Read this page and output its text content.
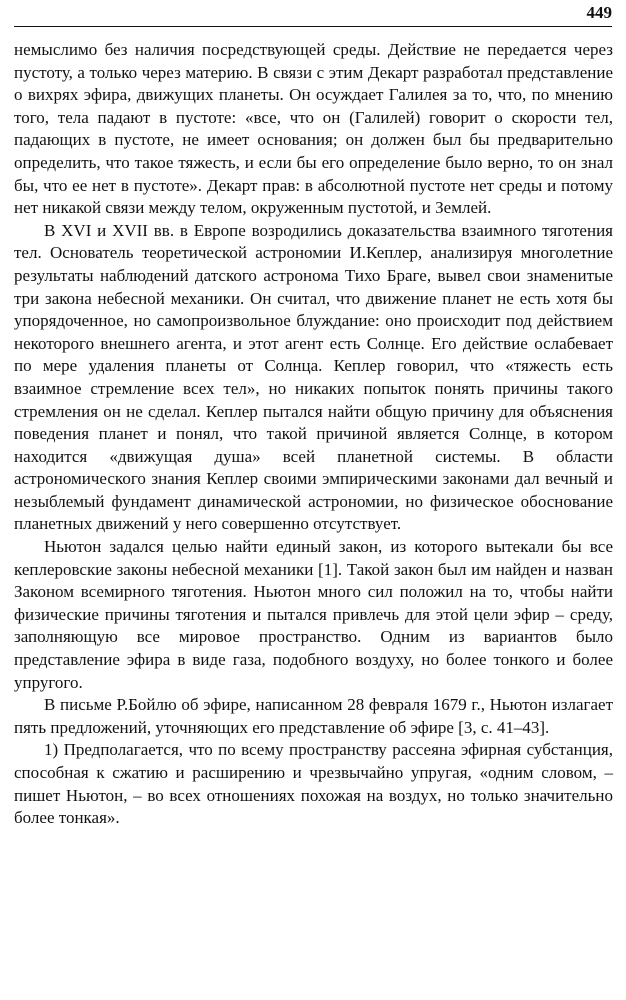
449

немыслимо без наличия посредствующей среды. Действие не передается через пустоту, а только через материю. В связи с этим Декарт разработал представление о вихрях эфира, движущих планеты. Он осуждает Галилея за то, что, по мнению того, тела падают в пустоте: «все, что он (Галилей) говорит о скорости тел, падающих в пустоте, не имеет основания; он должен был бы предварительно определить, что такое тяжесть, и если бы его определение было верно, то он знал бы, что ее нет в пустоте». Декарт прав: в абсолютной пустоте нет среды и потому нет никакой связи между телом, окруженным пустотой, и Землей.

В XVI и XVII вв. в Европе возродились доказательства взаимного тяготения тел. Основатель теоретической астрономии И.Кеплер, анализируя многолетние результаты наблюдений датского астронома Тихо Браге, вывел свои знаменитые три закона небесной механики. Он считал, что движение планет не есть хотя бы упорядоченное, но самопроизвольное блуждание: оно происходит под действием некоторого внешнего агента, и этот агент есть Солнце. Его действие ослабевает по мере удаления планеты от Солнца. Кеплер говорил, что «тяжесть есть взаимное стремление всех тел», но никаких попыток понять причины такого стремления он не сделал. Кеплер пытался найти общую причину для объяснения поведения планет и понял, что такой причиной является Солнце, в котором находится «движущая душа» всей планетной системы. В области астрономического знания Кеплер своими эмпирическими законами дал вечный и незыблемый фундамент динамической астрономии, но физическое обоснование планетных движений у него совершенно отсутствует.

Ньютон задался целью найти единый закон, из которого вытекали бы все кеплеровские законы небесной механики [1]. Такой закон был им найден и назван Законом всемирного тяготения. Ньютон много сил положил на то, чтобы найти физические причины тяготения и пытался привлечь для этой цели эфир – среду, заполняющую все мировое пространство. Одним из вариантов было представление эфира в виде газа, подобного воздуху, но более тонкого и более упругого.

В письме Р.Бойлю об эфире, написанном 28 февраля 1679 г., Ньютон излагает пять предложений, уточняющих его представление об эфире [3, с. 41–43].

1) Предполагается, что по всему пространству рассеяна эфирная субстанция, способная к сжатию и расширению и чрезвычайно упругая, «одним словом, – пишет Ньютон, – во всех отношениях похожая на воздух, но только значительно более тонкая».
